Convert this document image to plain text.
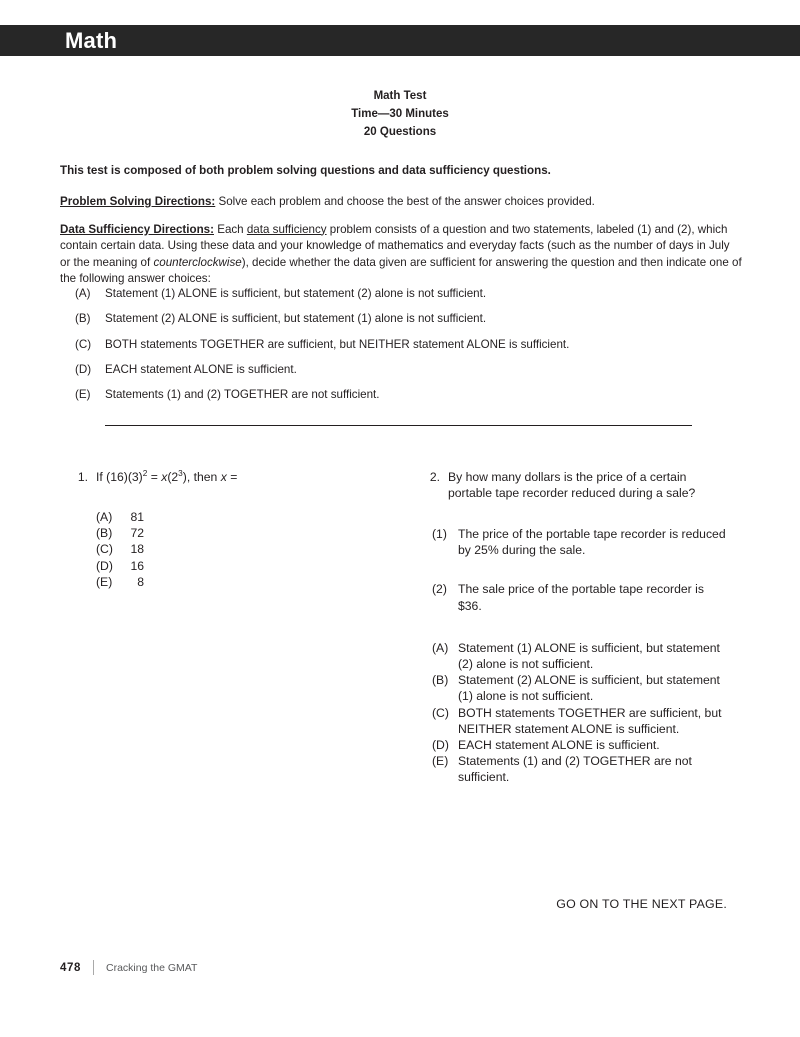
Math
Math Test
Time—30 Minutes
20 Questions
This test is composed of both problem solving questions and data sufficiency questions.
Problem Solving Directions: Solve each problem and choose the best of the answer choices provided.
Data Sufficiency Directions: Each data sufficiency problem consists of a question and two statements, labeled (1) and (2), which contain certain data. Using these data and your knowledge of mathematics and everyday facts (such as the number of days in July or the meaning of counterclockwise), decide whether the data given are sufficient for answering the question and then indicate one of the following answer choices:
(A)	Statement (1) ALONE is sufficient, but statement (2) alone is not sufficient.
(B)	Statement (2) ALONE is sufficient, but statement (1) alone is not sufficient.
(C)	BOTH statements TOGETHER are sufficient, but NEITHER statement ALONE is sufficient.
(D)	EACH statement ALONE is sufficient.
(E)	Statements (1) and (2) TOGETHER are not sufficient.
1. If $(16)(3)^2 = x(2^3)$, then x =
(A)	81
(B)	72
(C)	18
(D)	16
(E)	8
2. By how many dollars is the price of a certain portable tape recorder reduced during a sale?
(1) The price of the portable tape recorder is reduced by 25% during the sale.
(2) The sale price of the portable tape recorder is $36.
(A) Statement (1) ALONE is sufficient, but statement (2) alone is not sufficient.
(B) Statement (2) ALONE is sufficient, but statement (1) alone is not sufficient.
(C) BOTH statements TOGETHER are sufficient, but NEITHER statement ALONE is sufficient.
(D) EACH statement ALONE is sufficient.
(E) Statements (1) and (2) TOGETHER are not sufficient.
GO ON TO THE NEXT PAGE.
478 Cracking the GMAT
